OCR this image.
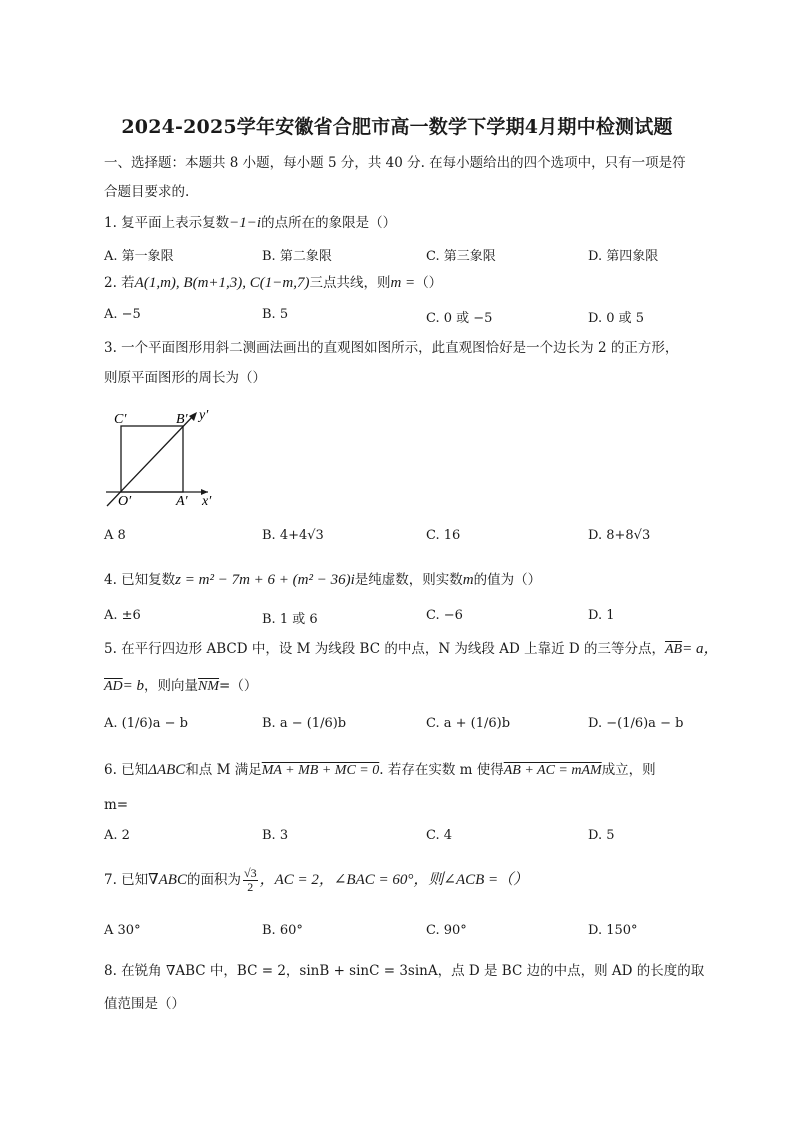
2024-2025学年安徽省合肥市高一数学下学期4月期中检测试题
一、选择题：本题共 8 小题，每小题 5 分，共 40 分. 在每小题给出的四个选项中，只有一项是符
合题目要求的.
1. 复平面上表示复数−1−i的点所在的象限是（）
A. 第一象限	B. 第二象限	C. 第三象限	D. 第四象限
2. 若A(1,m), B(m+1,3), C(1−m,7)三点共线，则m =（）
A. −5	B. 5	C. 0 或 −5	D. 0 或 5
3. 一个平面图形用斜二测画法画出的直观图如图所示，此直观图恰好是一个边长为 2 的正方形，
则原平面图形的周长为（）
C′	B′ y′
O′	A′ x′
A 8	B. 4+4√3	C. 16	D. 8+8√3
4. 已知复数z = m² − 7m + 6 + (m² − 36)i是纯虚数，则实数m的值为（）
A. ±6	B. 1 或 6	C. −6	D. 1
5. 在平行四边形 ABCD 中，设 M 为线段 BC 的中点，N 为线段 AD 上靠近 D 的三等分点，$\overline{AB}= a$，
$\overline{AD}= b$，则向量$\overline{NM}=()$
A. (1/6)a − b	B. a − (1/6)b	C. a + (1/6)b	D. −(1/6)a − b
6. 已知ΔABC和点 M 满足MA + MB + MC = 0. 若存在实数 m 使得AB + AC = mAM成立，则
m=
A. 2	B. 3	C. 4	D. 5
7. 已知∇ABC的面积为 $\frac{√3}{2}$ ，AC = 2，∠BAC = 60°，则∠ACB =（）
A 30°	B. 60°	C. 90°	D. 150°
8. 在锐角 ∇ABC 中，BC = 2，sinB + sinC = 3sinA，点 D 是 BC 边的中点，则 AD 的长度的取
值范围是（）
